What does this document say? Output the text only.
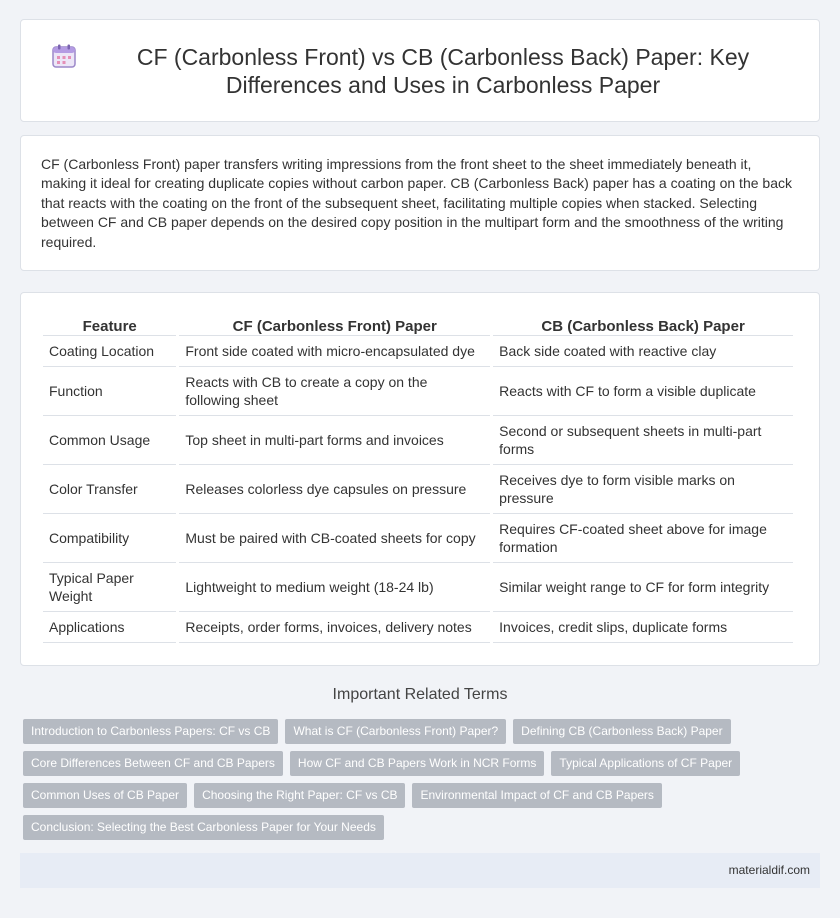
CF (Carbonless Front) vs CB (Carbonless Back) Paper: Key Differences and Uses in Carbonless Paper

CF (Carbonless Front) paper transfers writing impressions from the front sheet to the sheet immediately beneath it, making it ideal for creating duplicate copies without carbon paper. CB (Carbonless Back) paper has a coating on the back that reacts with the coating on the front of the subsequent sheet, facilitating multiple copies when stacked. Selecting between CF and CB paper depends on the desired copy position in the multipart form and the smoothness of the writing required.

Feature	CF (Carbonless Front) Paper	CB (Carbonless Back) Paper
Coating Location	Front side coated with micro-encapsulated dye	Back side coated with reactive clay
Function	Reacts with CB to create a copy on the following sheet	Reacts with CF to form a visible duplicate
Common Usage	Top sheet in multi-part forms and invoices	Second or subsequent sheets in multi-part forms
Color Transfer	Releases colorless dye capsules on pressure	Receives dye to form visible marks on pressure
Compatibility	Must be paired with CB-coated sheets for copy	Requires CF-coated sheet above for image formation
Typical Paper Weight	Lightweight to medium weight (18-24 lb)	Similar weight range to CF for form integrity
Applications	Receipts, order forms, invoices, delivery notes	Invoices, credit slips, duplicate forms
Important Related Terms
Introduction to Carbonless Papers: CF vs CB	What is CF (Carbonless Front) Paper?	Defining CB (Carbonless Back) Paper
Core Differences Between CF and CB Papers	How CF and CB Papers Work in NCR Forms	Typical Applications of CF Paper
Common Uses of CB Paper	Choosing the Right Paper: CF vs CB	Environmental Impact of CF and CB Papers
Conclusion: Selecting the Best Carbonless Paper for Your Needs
materialdif.com
